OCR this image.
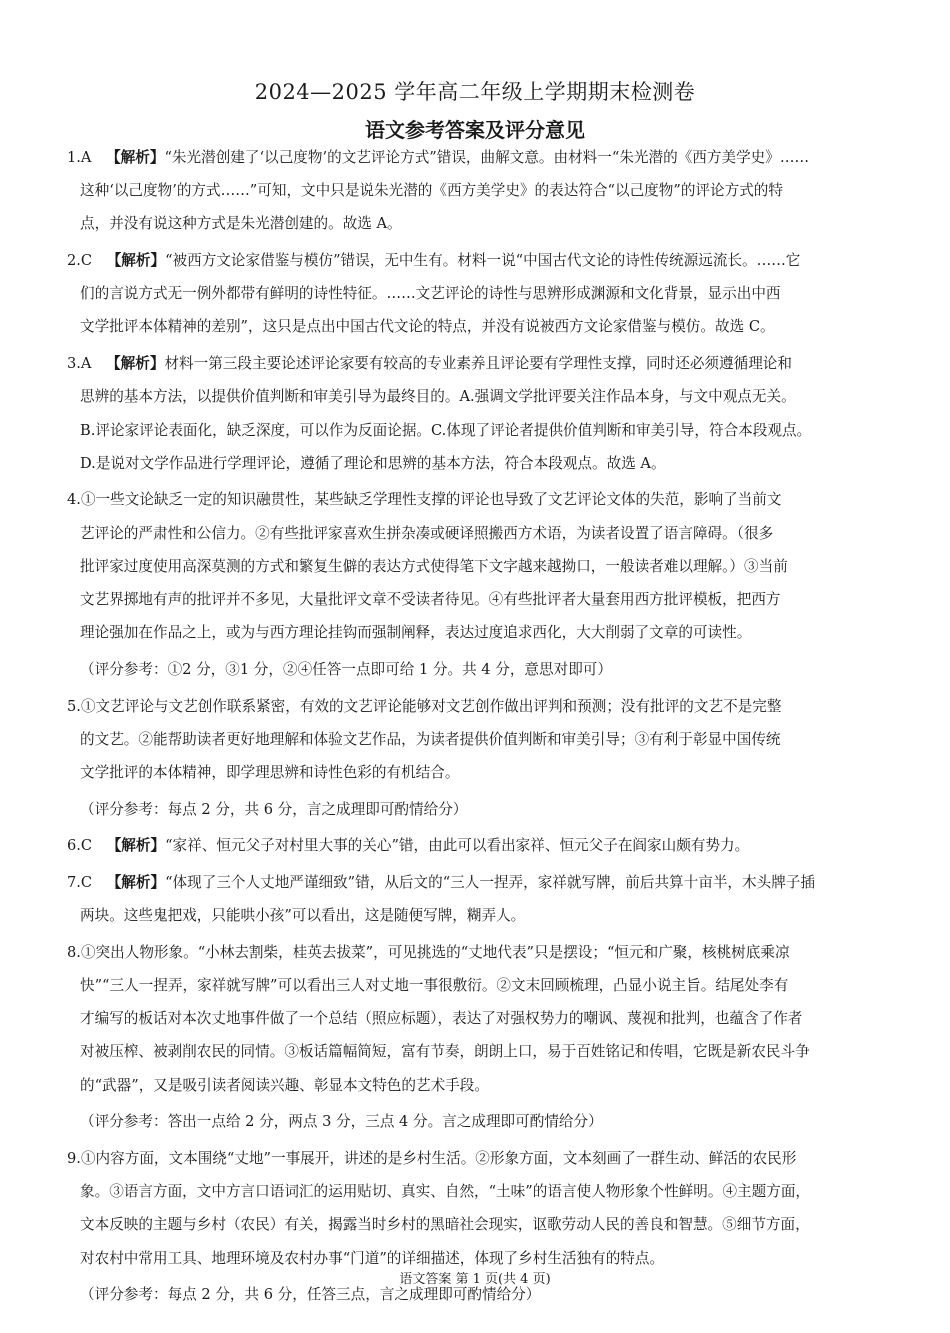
2024—2025 学年高二年级上学期期末检测卷
语文参考答案及评分意见
1.A  【解析】“朱光潜创建了‘以己度物’的文艺评论方式”错误，曲解文意。由材料一“朱光潜的《西方美学史》……
这种‘以己度物’的方式……”可知，文中只是说朱光潜的《西方美学史》的表达符合“以己度物”的评论方式的特
点，并没有说这种方式是朱光潜创建的。故选 A。
2.C  【解析】“被西方文论家借鉴与模仿”错误，无中生有。材料一说“中国古代文论的诗性传统源远流长。……它
们的言说方式无一例外都带有鲜明的诗性特征。……文艺评论的诗性与思辨形成渊源和文化背景，显示出中西
文学批评本体精神的差别”，这只是点出中国古代文论的特点，并没有说被西方文论家借鉴与模仿。故选 C。
3.A  【解析】材料一第三段主要论述评论家要有较高的专业素养且评论要有学理性支撑，同时还必须遵循理论和
思辨的基本方法，以提供价值判断和审美引导为最终目的。A.强调文学批评要关注作品本身，与文中观点无关。
B.评论家评论表面化，缺乏深度，可以作为反面论据。C.体现了评论者提供价值判断和审美引导，符合本段观点。
D.是说对文学作品进行学理评论，遵循了理论和思辨的基本方法，符合本段观点。故选 A。
4.①一些文论缺乏一定的知识融贯性，某些缺乏学理性支撑的评论也导致了文艺评论文体的失范，影响了当前文
艺评论的严肃性和公信力。②有些批评家喜欢生拼杂凑或硬译照搬西方术语，为读者设置了语言障碍。（很多
批评家过度使用高深莫测的方式和繁复生僻的表达方式使得笔下文字越来越拗口，一般读者难以理解。）③当前
文艺界掷地有声的批评并不多见，大量批评文章不受读者待见。④有些批评者大量套用西方批评模板，把西方
理论强加在作品之上，或为与西方理论挂钩而强制阐释，表达过度追求西化，大大削弱了文章的可读性。
（评分参考：①2 分，③1 分，②④任答一点即可给 1 分。共 4 分，意思对即可）
5.①文艺评论与文艺创作联系紧密，有效的文艺评论能够对文艺创作做出评判和预测；没有批评的文艺不是完整
的文艺。②能帮助读者更好地理解和体验文艺作品，为读者提供价值判断和审美引导；③有利于彰显中国传统
文学批评的本体精神，即学理思辨和诗性色彩的有机结合。
（评分参考：每点 2 分，共 6 分，言之成理即可酌情给分）
6.C  【解析】“家祥、恒元父子对村里大事的关心”错，由此可以看出家祥、恒元父子在阎家山颇有势力。
7.C  【解析】“体现了三个人丈地严谨细致”错，从后文的“三人一捏弄，家祥就写牌，前后共算十亩半，木头牌子插
两块。这些鬼把戏，只能哄小孩”可以看出，这是随便写牌，糊弄人。
8.①突出人物形象。“小林去割柴，桂英去拔菜”，可见挑选的“丈地代表”只是摆设；“恒元和广聚，核桃树底乘凉
快”“三人一捏弄，家祥就写牌”可以看出三人对丈地一事很敷衍。②文末回顾梳理，凸显小说主旨。结尾处李有
才编写的板话对本次丈地事件做了一个总结（照应标题），表达了对强权势力的嘲讽、蔑视和批判，也蕴含了作者
对被压榨、被剥削农民的同情。③板话篇幅简短，富有节奏，朗朗上口，易于百姓铭记和传唱，它既是新农民斗争
的“武器”，又是吸引读者阅读兴趣、彰显本文特色的艺术手段。
（评分参考：答出一点给 2 分，两点 3 分，三点 4 分。言之成理即可酌情给分）
9.①内容方面，文本围绕“丈地”一事展开，讲述的是乡村生活。②形象方面，文本刻画了一群生动、鲜活的农民形
象。③语言方面，文中方言口语词汇的运用贴切、真实、自然，“土味”的语言使人物形象个性鲜明。④主题方面，
文本反映的主题与乡村（农民）有关，揭露当时乡村的黑暗社会现实，讴歌劳动人民的善良和智慧。⑤细节方面，
对农村中常用工具、地理环境及农村办事“门道”的详细描述，体现了乡村生活独有的特点。
（评分参考：每点 2 分，共 6 分，任答三点，言之成理即可酌情给分）
语文答案 第 1 页(共 4 页)
